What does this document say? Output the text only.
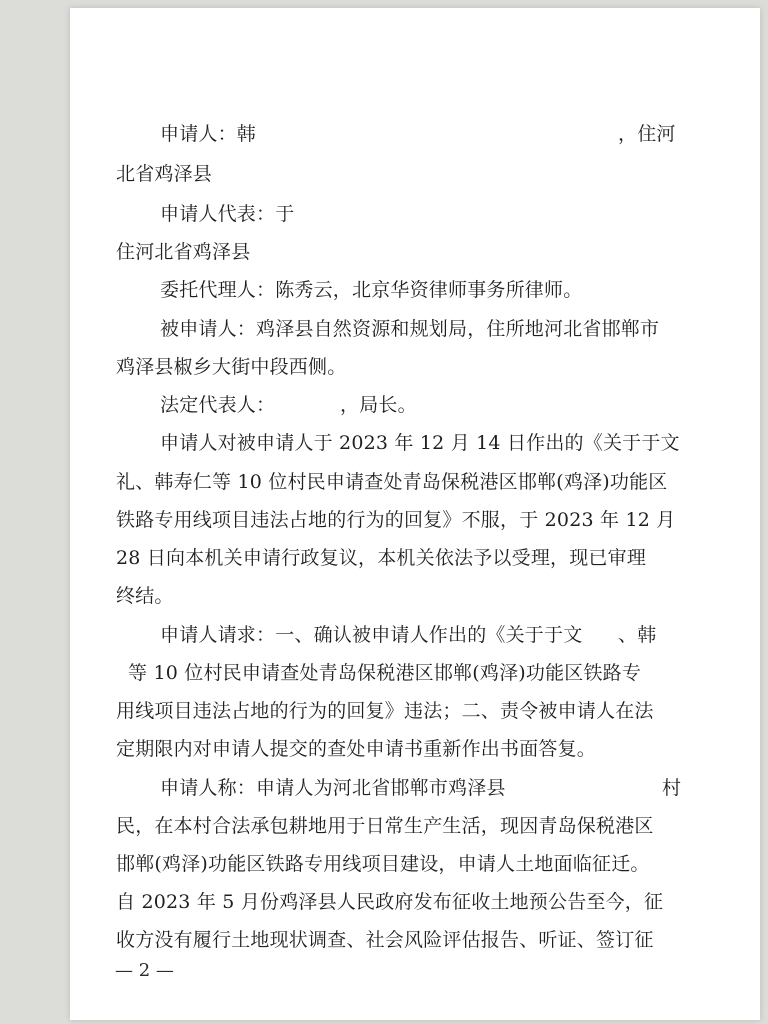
申请人：韩	，住河
北省鸡泽县
申请人代表：于
住河北省鸡泽县
委托代理人：陈秀云，北京华资律师事务所律师。
被申请人：鸡泽县自然资源和规划局，住所地河北省邯郸市
鸡泽县椒乡大街中段西侧。
法定代表人：	，局长。
申请人对被申请人于 2023 年 12 月 14 日作出的《关于于文
礼、韩寿仁等 10 位村民申请查处青岛保税港区邯郸(鸡泽)功能区
铁路专用线项目违法占地的行为的回复》不服，于 2023 年 12 月
28 日向本机关申请行政复议，本机关依法予以受理，现已审理
终结。
申请人请求：一、确认被申请人作出的《关于于文 、韩
等 10 位村民申请查处青岛保税港区邯郸(鸡泽)功能区铁路专
用线项目违法占地的行为的回复》违法；二、责令被申请人在法
定期限内对申请人提交的查处申请书重新作出书面答复。
申请人称：申请人为河北省邯郸市鸡泽县	村
民，在本村合法承包耕地用于日常生产生活，现因青岛保税港区
邯郸(鸡泽)功能区铁路专用线项目建设，申请人土地面临征迁。
自 2023 年 5 月份鸡泽县人民政府发布征收土地预公告至今，征
收方没有履行土地现状调查、社会风险评估报告、听证、签订征
— 2 —
